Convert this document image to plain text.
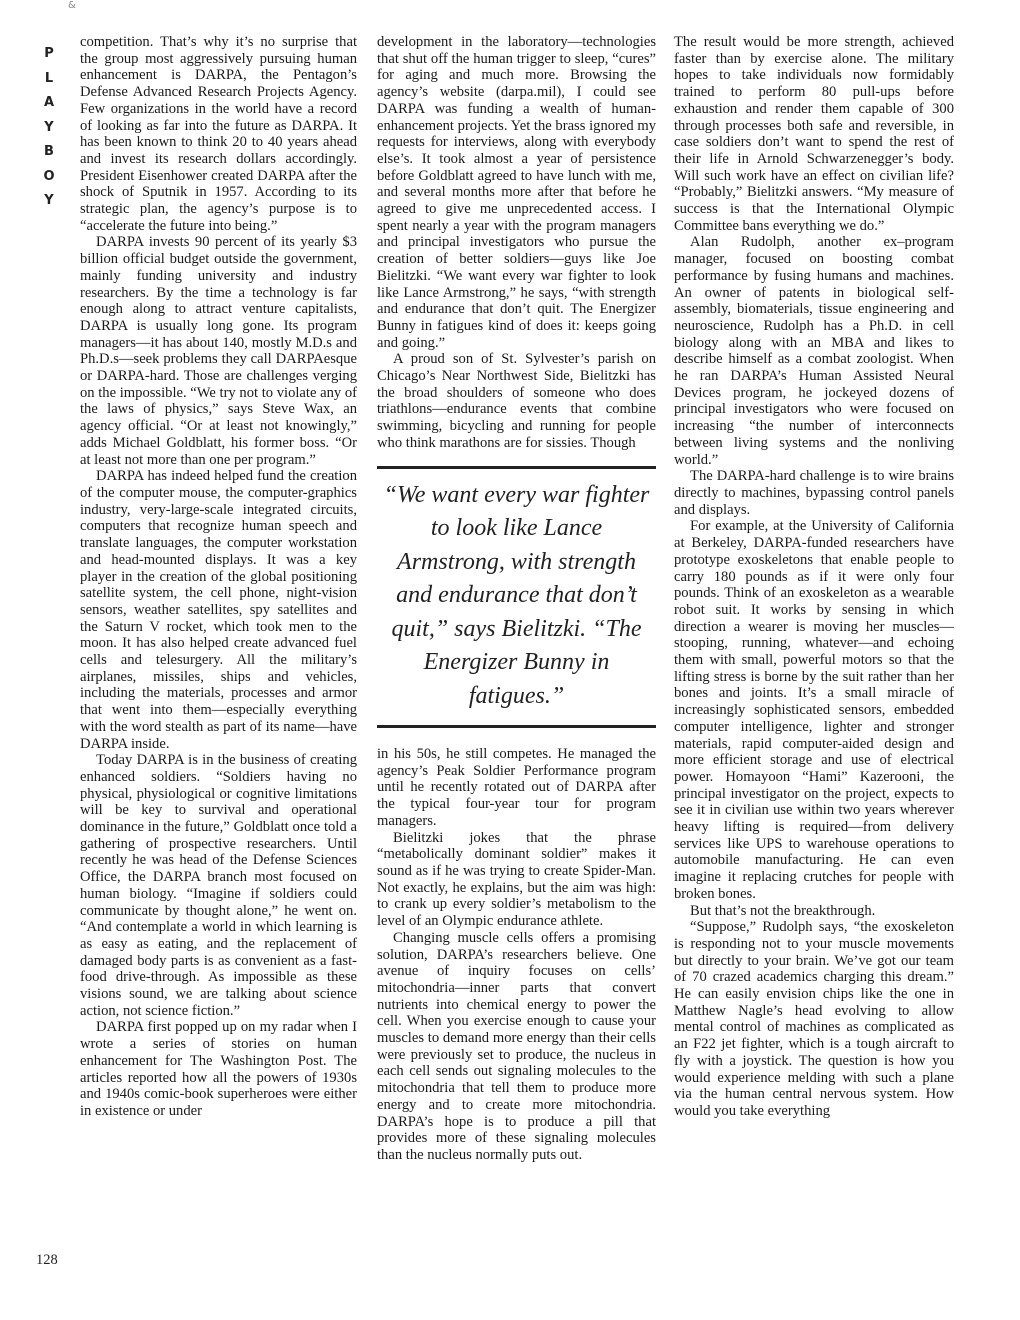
&
P
L
A
Y
B
O
Y
128

competition. That’s why it’s no surprise that the group most aggressively pursuing human enhancement is DARPA, the Pentagon’s Defense Advanced Research Projects Agency. Few organizations in the world have a record of looking as far into the future as DARPA. It has been known to think 20 to 40 years ahead and invest its research dollars accordingly. President Eisenhower created DARPA after the shock of Sputnik in 1957. According to its strategic plan, the agency’s purpose is to “accelerate the future into being.”

DARPA invests 90 percent of its yearly $3 billion official budget outside the government, mainly funding university and industry researchers. By the time a technology is far enough along to attract venture capitalists, DARPA is usually long gone. Its program managers—it has about 140, mostly M.D.s and Ph.D.s—seek problems they call DARPAesque or DARPA-hard. Those are challenges verging on the impossible. “We try not to violate any of the laws of physics,” says Steve Wax, an agency official. “Or at least not knowingly,” adds Michael Goldblatt, his former boss. “Or at least not more than one per program.”

DARPA has indeed helped fund the creation of the computer mouse, the computer-graphics industry, very-large-scale integrated circuits, computers that recognize human speech and translate languages, the computer workstation and head-mounted displays. It was a key player in the creation of the global positioning satellite system, the cell phone, night-vision sensors, weather satellites, spy satellites and the Saturn V rocket, which took men to the moon. It has also helped create advanced fuel cells and telesurgery. All the military’s airplanes, missiles, ships and vehicles, including the materials, processes and armor that went into them—especially everything with the word stealth as part of its name—have DARPA inside.

Today DARPA is in the business of creating enhanced soldiers. “Soldiers having no physical, physiological or cognitive limitations will be key to survival and operational dominance in the future,” Goldblatt once told a gathering of prospective researchers. Until recently he was head of the Defense Sciences Office, the DARPA branch most focused on human biology. “Imagine if soldiers could communicate by thought alone,” he went on. “And contemplate a world in which learning is as easy as eating, and the replacement of damaged body parts is as convenient as a fast-food drive-through. As impossible as these visions sound, we are talking about science action, not science fiction.”

DARPA first popped up on my radar when I wrote a series of stories on human enhancement for The Washington Post. The articles reported how all the powers of 1930s and 1940s comic-book superheroes were either in existence or under

development in the laboratory—technologies that shut off the human trigger to sleep, “cures” for aging and much more. Browsing the agency’s website (darpa.mil), I could see DARPA was funding a wealth of human-enhancement projects. Yet the brass ignored my requests for interviews, along with everybody else’s. It took almost a year of persistence before Goldblatt agreed to have lunch with me, and several months more after that before he agreed to give me unprecedented access. I spent nearly a year with the program managers and principal investigators who pursue the creation of better soldiers—guys like Joe Bielitzki. “We want every war fighter to look like Lance Armstrong,” he says, “with strength and endurance that don’t quit. The Energizer Bunny in fatigues kind of does it: keeps going and going.”

A proud son of St. Sylvester’s parish on Chicago’s Near Northwest Side, Bielitzki has the broad shoulders of someone who does triathlons—endurance events that combine swimming, bicycling and running for people who think marathons are for sissies. Though

“We want every war fighter to look like Lance Armstrong, with strength and endurance that don’t quit,” says Bielitzki. “The Energizer Bunny in fatigues.”

in his 50s, he still competes. He managed the agency’s Peak Soldier Performance program until he recently rotated out of DARPA after the typical four-year tour for program managers.

Bielitzki jokes that the phrase “metabolically dominant soldier” makes it sound as if he was trying to create Spider-Man. Not exactly, he explains, but the aim was high: to crank up every soldier’s metabolism to the level of an Olympic endurance athlete.

Changing muscle cells offers a promising solution, DARPA’s researchers believe. One avenue of inquiry focuses on cells’ mitochondria—inner parts that convert nutrients into chemical energy to power the cell. When you exercise enough to cause your muscles to demand more energy than their cells were previously set to produce, the nucleus in each cell sends out signaling molecules to the mitochondria that tell them to produce more energy and to create more mitochondria. DARPA’s hope is to produce a pill that provides more of these signaling molecules than the nucleus normally puts out.

The result would be more strength, achieved faster than by exercise alone. The military hopes to take individuals now formidably trained to perform 80 pull-ups before exhaustion and render them capable of 300 through processes both safe and reversible, in case soldiers don’t want to spend the rest of their life in Arnold Schwarzenegger’s body. Will such work have an effect on civilian life? “Probably,” Bielitzki answers. “My measure of success is that the International Olympic Committee bans everything we do.”

Alan Rudolph, another ex–program manager, focused on boosting combat performance by fusing humans and machines. An owner of patents in biological self-assembly, biomaterials, tissue engineering and neuroscience, Rudolph has a Ph.D. in cell biology along with an MBA and likes to describe himself as a combat zoologist. When he ran DARPA’s Human Assisted Neural Devices program, he jockeyed dozens of principal investigators who were focused on increasing “the number of interconnects between living systems and the nonliving world.”

The DARPA-hard challenge is to wire brains directly to machines, bypassing control panels and displays.

For example, at the University of California at Berkeley, DARPA-funded researchers have prototype exoskeletons that enable people to carry 180 pounds as if it were only four pounds. Think of an exoskeleton as a wearable robot suit. It works by sensing in which direction a wearer is moving her muscles—stooping, running, whatever—and echoing them with small, powerful motors so that the lifting stress is borne by the suit rather than her bones and joints. It’s a small miracle of increasingly sophisticated sensors, embedded computer intelligence, lighter and stronger materials, rapid computer-aided design and more efficient storage and use of electrical power. Homayoon “Hami” Kazerooni, the principal investigator on the project, expects to see it in civilian use within two years wherever heavy lifting is required—from delivery services like UPS to warehouse operations to automobile manufacturing. He can even imagine it replacing crutches for people with broken bones.

But that’s not the breakthrough.

“Suppose,” Rudolph says, “the exoskeleton is responding not to your muscle movements but directly to your brain. We’ve got our team of 70 crazed academics charging this dream.” He can easily envision chips like the one in Matthew Nagle’s head evolving to allow mental control of machines as complicated as an F22 jet fighter, which is a tough aircraft to fly with a joystick. The question is how you would experience melding with such a plane via the human central nervous system. How would you take everything
